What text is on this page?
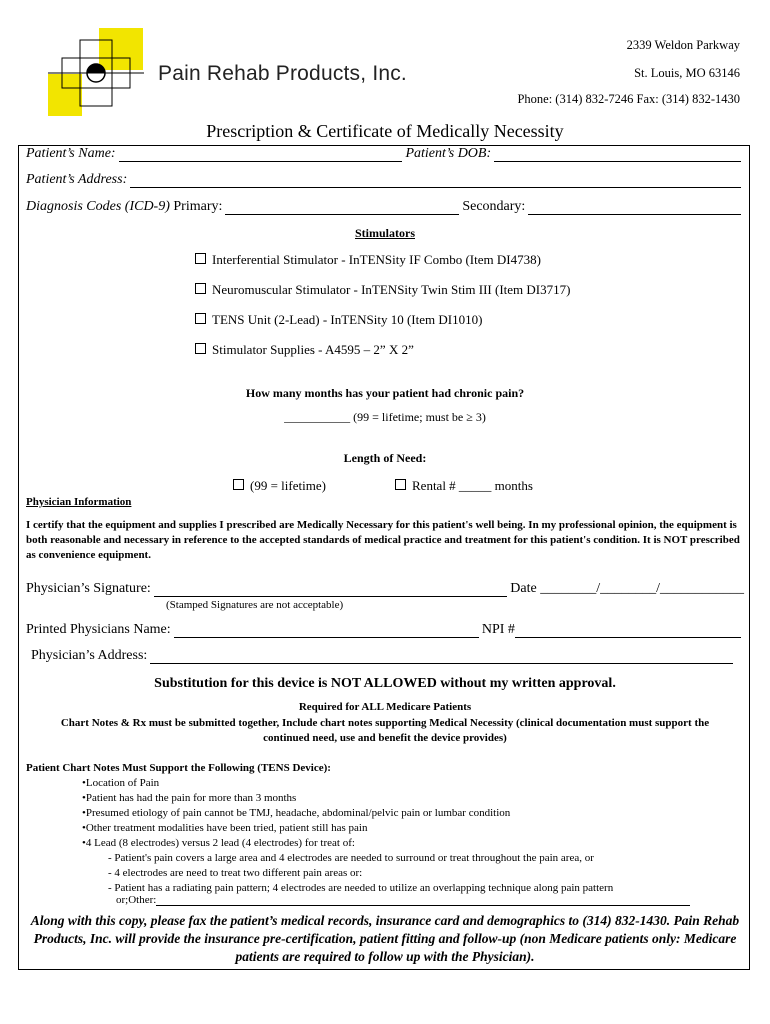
Pain Rehab Products, Inc.
2339 Weldon Parkway
St. Louis, MO 63146
Phone: (314) 832-7246 Fax: (314) 832-1430
Prescription & Certificate of Medically Necessity
Patient’s Name:	Patient’s DOB:
Patient’s Address:
Diagnosis Codes (ICD-9)
Primary:	Secondary:
Stimulators
Interferential Stimulator - InTENSity IF Combo (Item DI4738)
Neuromuscular Stimulator - InTENSity Twin Stim III (Item DI3717)
TENS Unit (2-Lead) - InTENSity 10 (Item DI1010)
Stimulator Supplies - A4595 – 2” X 2”
How many months has your patient had chronic pain?
___________ (99 = lifetime; must be ≥ 3)
Length of Need:
(99 = lifetime)	Rental # _____ months
Physician Information
I certify that the equipment and supplies I prescribed are Medically Necessary for this patient's well being. In my professional opinion, the equipment is both reasonable and necessary in reference to the accepted standards of medical practice and treatment for this patient's condition. It is NOT prescribed as convenience equipment.
Physician’s Signature:	Date ________/________/____________
(Stamped Signatures are not acceptable)
Printed Physicians Name:	NPI #
Physician’s Address:
Substitution for this device is NOT ALLOWED without my written approval.
Required for ALL Medicare Patients
Chart Notes & Rx must be submitted together, Include chart notes supporting Medical Necessity (clinical documentation must support the continued need, use and benefit the device provides)
Patient Chart Notes Must Support the Following (TENS Device):
• Location of Pain
• Patient has had the pain for more than 3 months
• Presumed etiology of pain cannot be TMJ, headache, abdominal/pelvic pain or lumbar condition
• Other treatment modalities have been tried, patient still has pain
• 4 Lead (8 electrodes) versus 2 lead (4 electrodes) for treat of:
- Patient's pain covers a large area and 4 electrodes are needed to surround or treat throughout the pain area, or
- 4 electrodes are need to treat two different pain areas or:
- Patient has a radiating pain pattern; 4 electrodes are needed to utilize an overlapping technique along pain pattern
or;Other:
Along with this copy, please fax the patient’s medical records, insurance card and demographics to (314) 832-1430. Pain Rehab Products, Inc. will provide the insurance pre-certification, patient fitting and follow-up (non Medicare patients only: Medicare patients are required to follow up with the Physician).
